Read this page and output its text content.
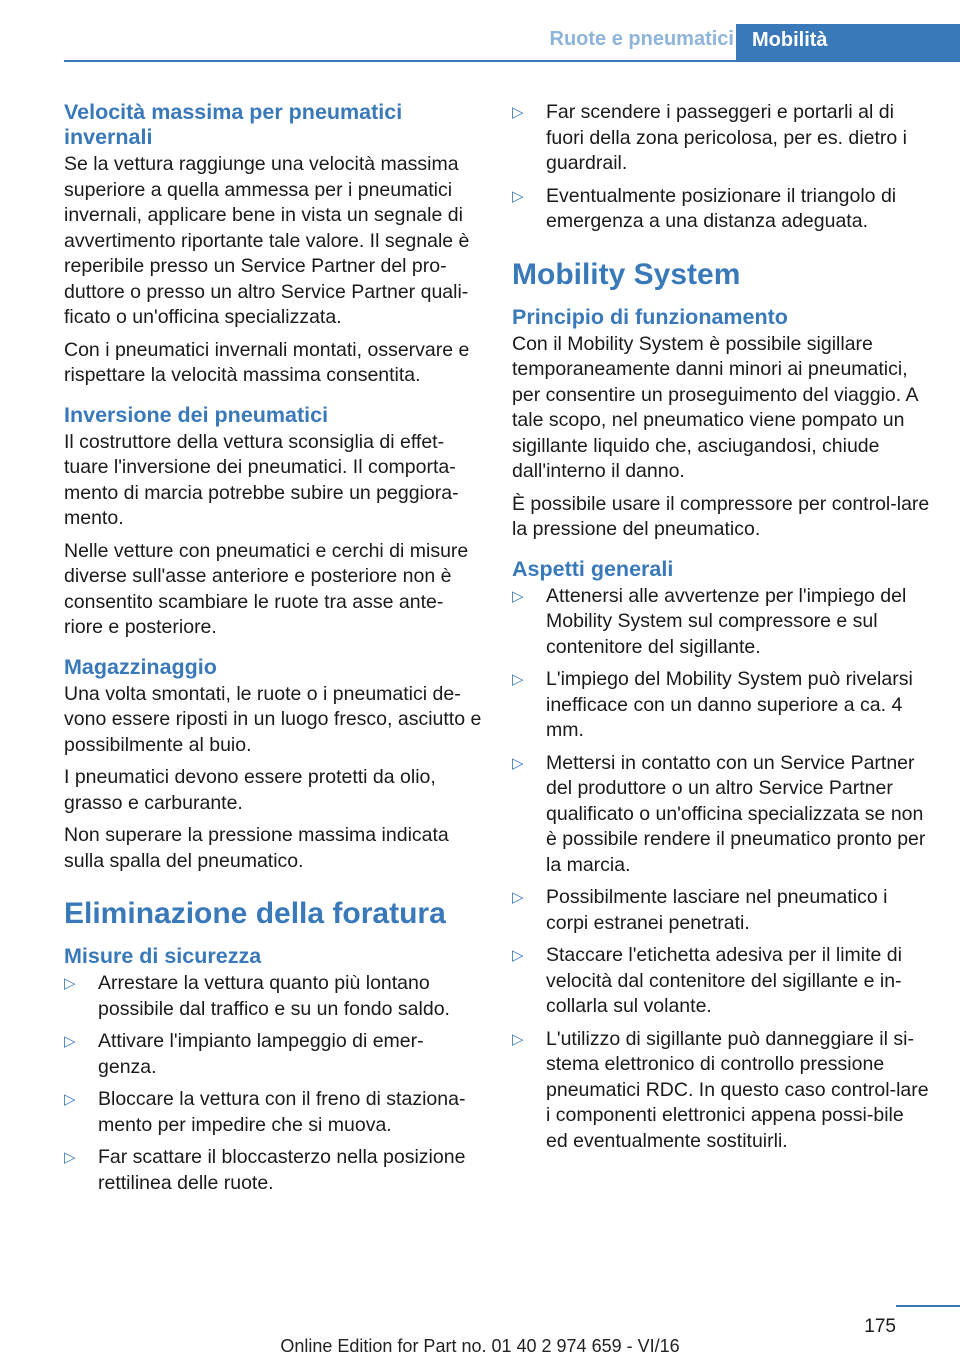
Ruote e pneumatici Mobilità
Velocità massima per pneumatici invernali

Se la vettura raggiunge una velocità massima superiore a quella ammessa per i pneumatici invernali, applicare bene in vista un segnale di avvertimento riportante tale valore. Il segnale è reperibile presso un Service Partner del pro-duttore o presso un altro Service Partner quali-ficato o un'officina specializzata.

Con i pneumatici invernali montati, osservare e rispettare la velocità massima consentita.

Inversione dei pneumatici

Il costruttore della vettura sconsiglia di effet-tuare l'inversione dei pneumatici. Il comporta-mento di marcia potrebbe subire un peggiora-mento.

Nelle vetture con pneumatici e cerchi di misure diverse sull'asse anteriore e posteriore non è consentito scambiare le ruote tra asse ante-riore e posteriore.

Magazzinaggio

Una volta smontati, le ruote o i pneumatici de-vono essere riposti in un luogo fresco, asciutto e possibilmente al buio.

I pneumatici devono essere protetti da olio, grasso e carburante.

Non superare la pressione massima indicata sulla spalla del pneumatico.

Eliminazione della foratura
Misure di sicurezza
▷ Arrestare la vettura quanto più lontano possibile dal traffico e su un fondo saldo.
▷ Attivare l'impianto lampeggio di emer-genza.
▷ Bloccare la vettura con il freno di staziona-mento per impedire che si muova.
▷ Far scattare il bloccasterzo nella posizione rettilinea delle ruote.
▷ Far scendere i passeggeri e portarli al di fuori della zona pericolosa, per es. dietro i guardrail.
▷ Eventualmente posizionare il triangolo di emergenza a una distanza adeguata.
Mobility System
Principio di funzionamento

Con il Mobility System è possibile sigillare temporaneamente danni minori ai pneumatici, per consentire un proseguimento del viaggio. A tale scopo, nel pneumatico viene pompato un sigillante liquido che, asciugandosi, chiude dall'interno il danno.

È possibile usare il compressore per control-lare la pressione del pneumatico.

Aspetti generali
▷ Attenersi alle avvertenze per l'impiego del Mobility System sul compressore e sul contenitore del sigillante.
▷ L'impiego del Mobility System può rivelarsi inefficace con un danno superiore a ca. 4 mm.
▷ Mettersi in contatto con un Service Partner del produttore o un altro Service Partner qualificato o un'officina specializzata se non è possibile rendere il pneumatico pronto per la marcia.
▷ Possibilmente lasciare nel pneumatico i corpi estranei penetrati.
▷ Staccare l'etichetta adesiva per il limite di velocità dal contenitore del sigillante e in-collarla sul volante.
▷ L'utilizzo di sigillante può danneggiare il si-stema elettronico di controllo pressione pneumatici RDC. In questo caso control-lare i componenti elettronici appena possi-bile ed eventualmente sostituirli.
175
Online Edition for Part no. 01 40 2 974 659 - VI/16
